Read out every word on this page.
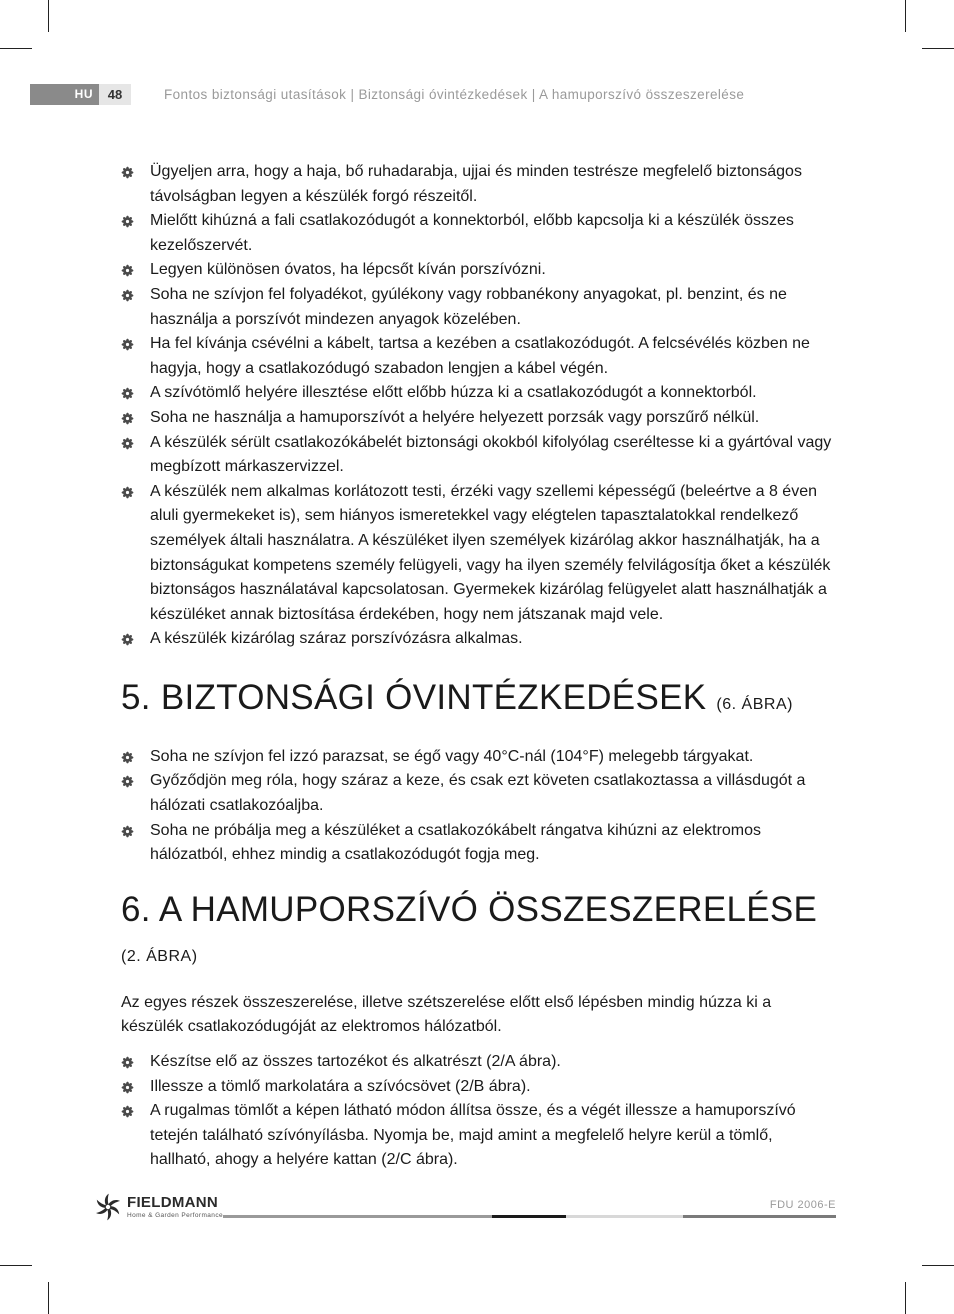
HU	48	Fontos biztonsági utasítások | Biztonsági óvintézkedések | A hamuporszívó összeszerelése
Ügyeljen arra, hogy a haja, bő ruhadarabja, ujjai és minden testrésze megfelelő biztonságos távolságban legyen a készülék forgó részeitől.
Mielőtt kihúzná a fali csatlakozódugót a konnektorból, előbb kapcsolja ki a készülék összes kezelőszervét.
Legyen különösen óvatos, ha lépcsőt kíván porszívózni.
Soha ne szívjon fel folyadékot, gyúlékony vagy robbanékony anyagokat, pl. benzint, és ne használja a porszívót mindezen anyagok közelében.
Ha fel kívánja csévélni a kábelt, tartsa a kezében a csatlakozódugót. A felcsévélés közben ne hagyja, hogy a csatlakozódugó szabadon lengjen a kábel végén.
A szívótömlő helyére illesztése előtt előbb húzza ki a csatlakozódugót a konnektorból.
Soha ne használja a hamuporszívót a helyére helyezett porzsák vagy porszűrő nélkül.
A készülék sérült csatlakozókábelét biztonsági okokból kifolyólag cseréltesse ki a gyártóval vagy megbízott márkaszervizzel.
A készülék nem alkalmas korlátozott testi, érzéki vagy szellemi képességű (beleértve a 8 éven aluli gyermekeket is), sem hiányos ismeretekkel vagy elégtelen tapasztalatokkal rendelkező személyek általi használatra. A készüléket ilyen személyek kizárólag akkor használhatják, ha a biztonságukat kompetens személy felügyeli, vagy ha ilyen személy felvilágosítja őket a készülék biztonságos használatával kapcsolatosan. Gyermekek kizárólag felügyelet alatt használhatják a készüléket annak biztosítása érdekében, hogy nem játszanak majd vele.
A készülék kizárólag száraz porszívózásra alkalmas.
5. BIZTONSÁGI ÓVINTÉZKEDÉSEK (6. ÁBRA)
Soha ne szívjon fel izzó parazsat, se égő vagy 40°C-nál (104°F) melegebb tárgyakat.
Győződjön meg róla, hogy száraz a keze, és csak ezt követen csatlakoztassa a villásdugót a hálózati csatlakozóaljba.
Soha ne próbálja meg a készüléket a csatlakozókábelt rángatva kihúzni az elektromos hálózatból, ehhez mindig a csatlakozódugót fogja meg.
6. A HAMUPORSZÍVÓ ÖSSZESZERELÉSE (2. ÁBRA)

Az egyes részek összeszerelése, illetve szétszerelése előtt első lépésben mindig húzza ki a készülék csatlakozódugóját az elektromos hálózatból.

Készítse elő az összes tartozékot és alkatrészt (2/A ábra).
Illessze a tömlő markolatára a szívócsövet (2/B ábra).
A rugalmas tömlőt a képen látható módon állítsa össze, és a végét illessze a hamuporszívó tetején található szívónyílásba. Nyomja be, majd amint a megfelelő helyre kerül a tömlő, hallható, ahogy a helyére kattan (2/C ábra).
FIELDMANN
Home & Garden Performance
FDU 2006-E
